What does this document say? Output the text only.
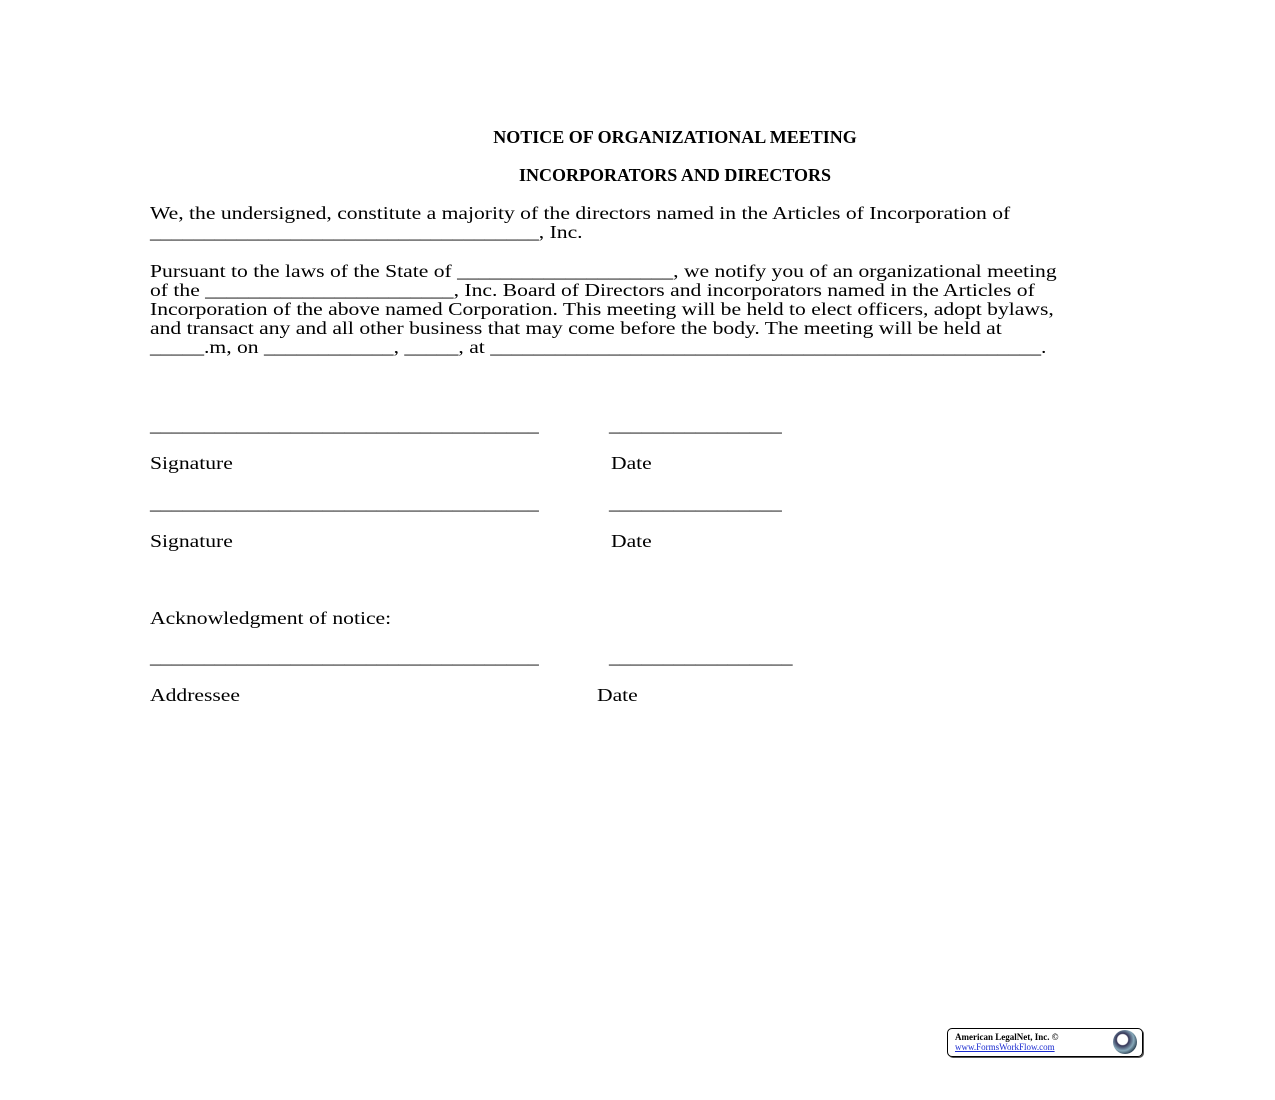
NOTICE OF ORGANIZATIONAL MEETING
INCORPORATORS AND DIRECTORS
We, the undersigned, constitute a majority of the directors named in the Articles of Incorporation of
____________________________________, Inc.
Pursuant to the laws of the State of ____________________, we notify you of an organizational meeting
of the _______________________, Inc. Board of Directors and incorporators named in the Articles of
Incorporation of the above named Corporation. This meeting will be held to elect officers, adopt bylaws,
and transact any and all other business that may come before the body. The meeting will be held at
_____.m, on ____________, _____, at ___________________________________________________.
____________________________________	________________
Signature	Date
____________________________________	________________
Signature	Date
Acknowledgment of notice:
____________________________________	_________________
Addressee	Date
American LegalNet, Inc. ©
www.FormsWorkFlow.com
